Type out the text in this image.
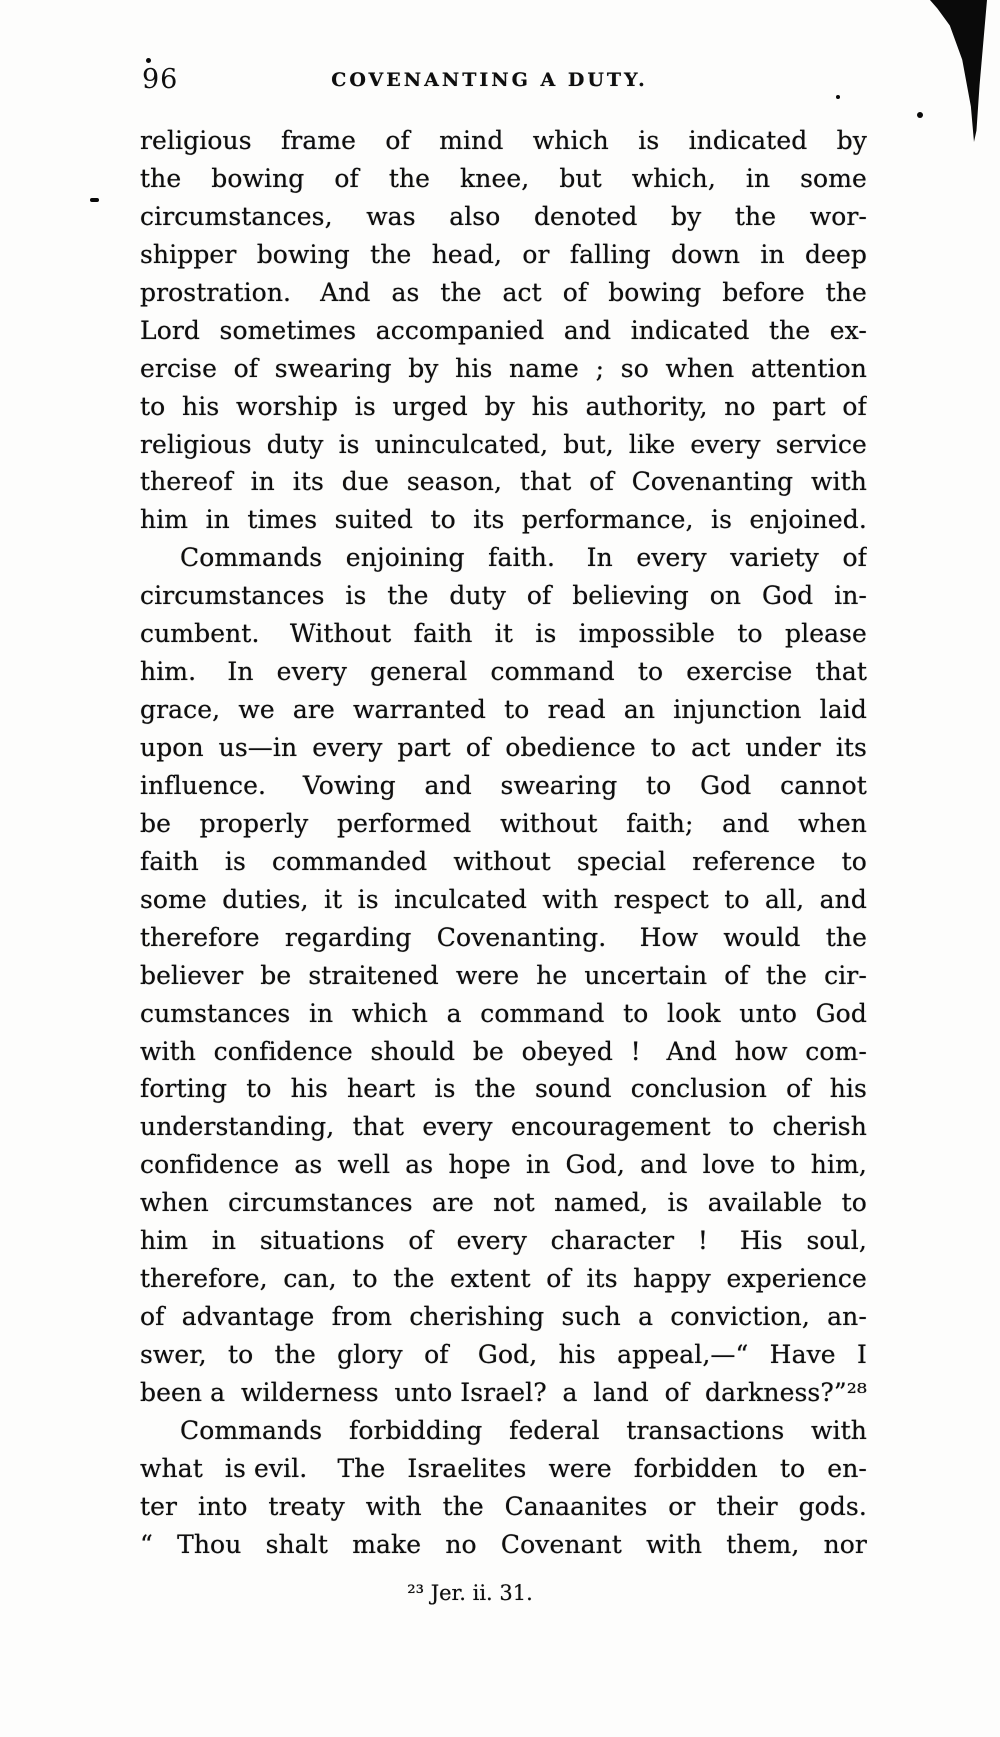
96	COVENANTING A DUTY.
religious frame of mind which is indicated by
the bowing of the knee, but which, in some
circumstances, was also denoted by the wor-
shipper bowing the head, or falling down in deep
prostration. And as the act of bowing before the
Lord sometimes accompanied and indicated the ex-
ercise of swearing by his name ; so when attention
to his worship is urged by his authority, no part of
religious duty is uninculcated, but, like every service
thereof in its due season, that of Covenanting with
him in times suited to its performance, is enjoined.
Commands enjoining faith. In every variety of
circumstances is the duty of believing on God in-
cumbent. Without faith it is impossible to please
him. In every general command to exercise that
grace, we are warranted to read an injunction laid
upon us—in every part of obedience to act under its
influence. Vowing and swearing to God cannot
be properly performed without faith; and when
faith is commanded without special reference to
some duties, it is inculcated with respect to all, and
therefore regarding Covenanting. How would the
believer be straitened were he uncertain of the cir-
cumstances in which a command to look unto God
with confidence should be obeyed ! And how com-
forting to his heart is the sound conclusion of his
understanding, that every encouragement to cherish
confidence as well as hope in God, and love to him,
when circumstances are not named, is available to
him in situations of every character ! His soul,
therefore, can, to the extent of its happy experience
of advantage from cherishing such a conviction, an-
swer, to the glory of God, his appeal,—“ Have I
been a wilderness unto Israel? a land of darkness?”²⁸
Commands forbidding federal transactions with
what is evil. The Israelites were forbidden to en-
ter into treaty with the Canaanites or their gods.
“ Thou shalt make no Covenant with them, nor
²³ Jer. ii. 31.
